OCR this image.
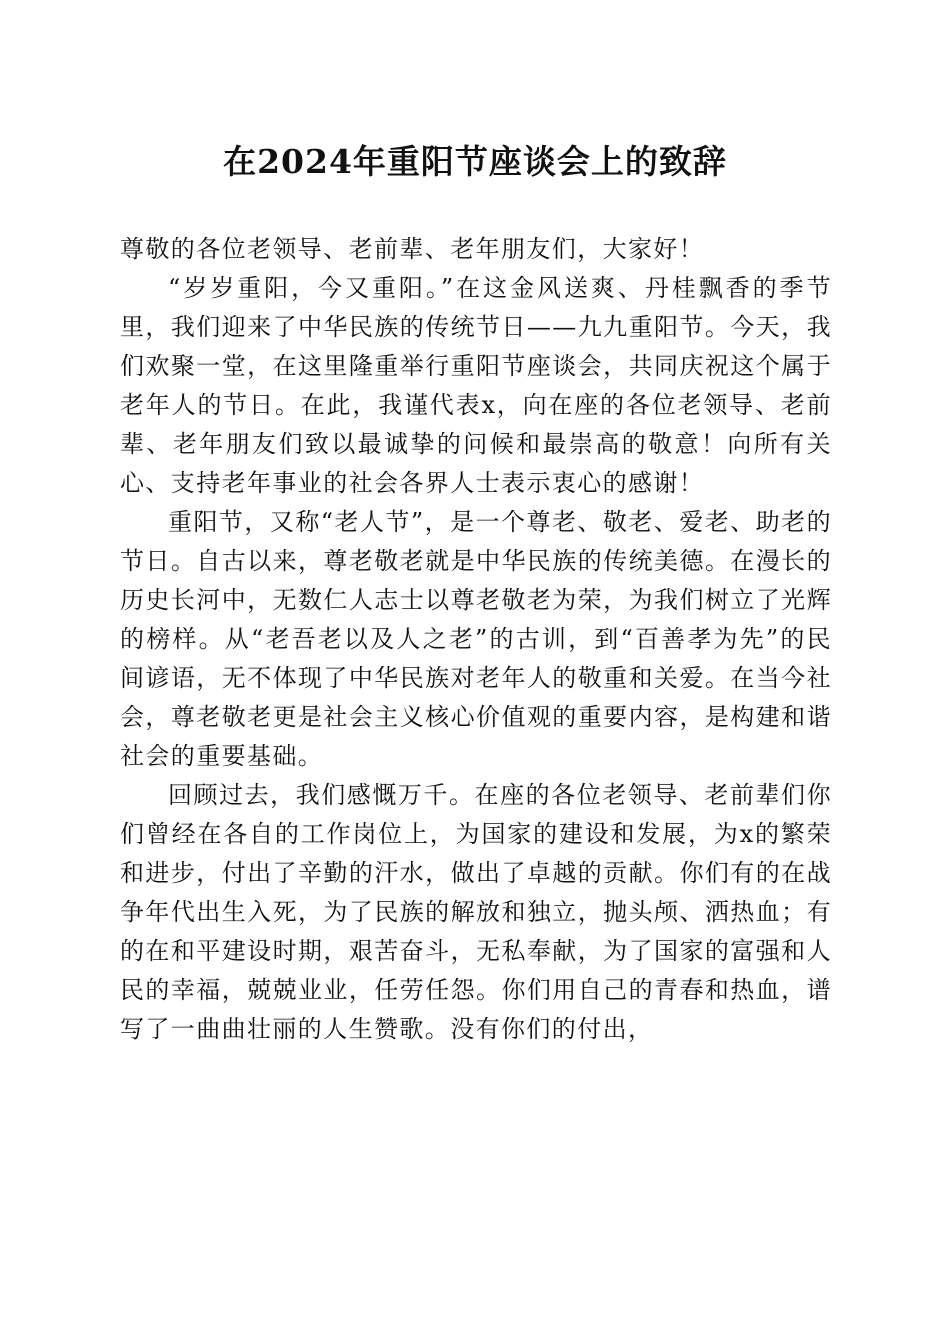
在2024年重阳节座谈会上的致辞

尊敬的各位老领导、老前辈、老年朋友们，大家好！

“岁岁重阳，今又重阳。”在这金风送爽、丹桂飘香的季节里，我们迎来了中华民族的传统节日——九九重阳节。今天，我们欢聚一堂，在这里隆重举行重阳节座谈会，共同庆祝这个属于老年人的节日。在此，我谨代表x，向在座的各位老领导、老前辈、老年朋友们致以最诚挚的问候和最崇高的敬意！向所有关心、支持老年事业的社会各界人士表示衷心的感谢！

重阳节，又称“老人节”，是一个尊老、敬老、爱老、助老的节日。自古以来，尊老敬老就是中华民族的传统美德。在漫长的历史长河中，无数仁人志士以尊老敬老为荣，为我们树立了光辉的榜样。从“老吾老以及人之老”的古训，到“百善孝为先”的民间谚语，无不体现了中华民族对老年人的敬重和关爱。在当今社会，尊老敬老更是社会主义核心价值观的重要内容，是构建和谐社会的重要基础。

回顾过去，我们感慨万千。在座的各位老领导、老前辈们你们曾经在各自的工作岗位上，为国家的建设和发展，为x的繁荣和进步，付出了辛勤的汗水，做出了卓越的贡献。你们有的在战争年代出生入死，为了民族的解放和独立，抛头颅、洒热血；有的在和平建设时期，艰苦奋斗，无私奉献，为了国家的富强和人民的幸福，兢兢业业，任劳任怨。你们用自己的青春和热血，谱写了一曲曲壮丽的人生赞歌。没有你们的付出，
